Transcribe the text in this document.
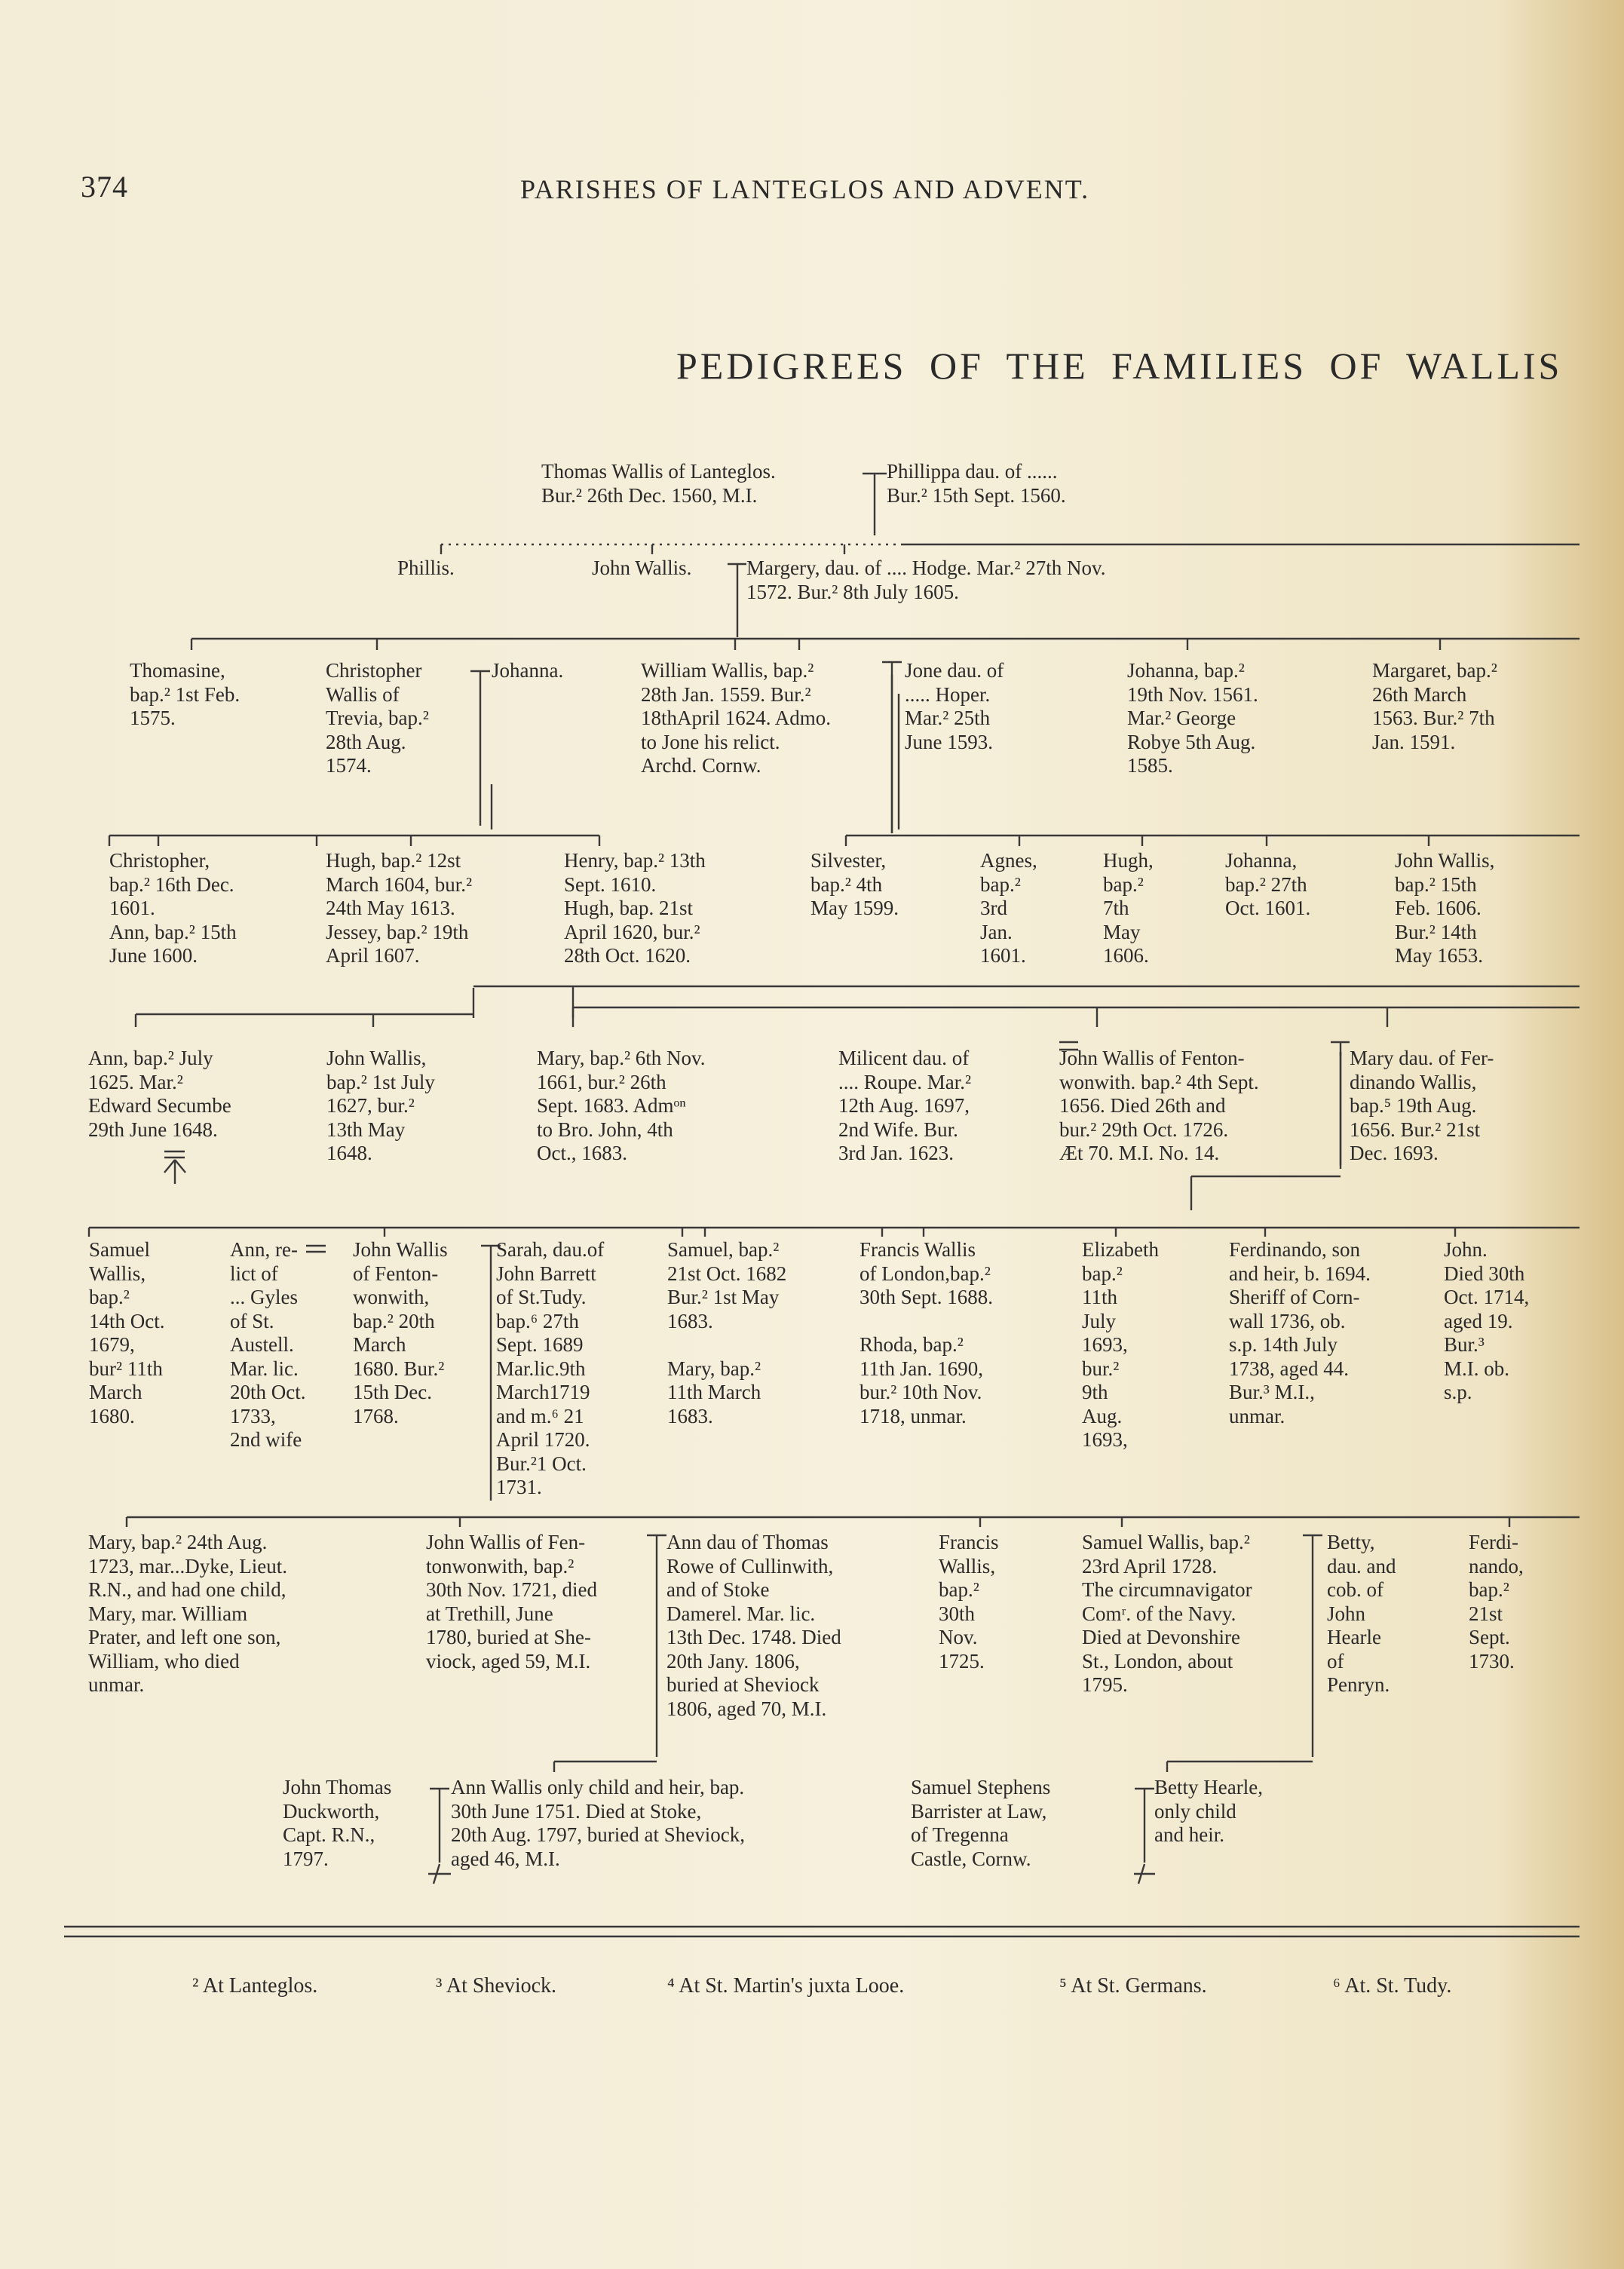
374	PARISHES OF LANTEGLOS AND ADVENT.
PEDIGREES OF THE FAMILIES OF WALLIS
Thomas Wallis of Lanteglos.
Bur.² 26th Dec. 1560, M.I.
Phillippa dau. of ......
Bur.² 15th Sept. 1560.
Phillis.	John Wallis.	Margery, dau. of .... Hodge. Mar.² 27th Nov.
1572. Bur.² 8th July 1605.
Thomasine,
bap.² 1st Feb.
1575.
Christopher
Wallis of
Trevia, bap.²
28th Aug.
1574.
Johanna.	William Wallis, bap.²
28th Jan. 1559. Bur.²
18thApril 1624. Admo.
to Jone his relict.
Archd. Cornw.
Jone dau. of
..... Hoper.
Mar.² 25th
June 1593.
Johanna, bap.²
19th Nov. 1561.
Mar.² George
Robye 5th Aug.
1585.
Margaret, bap.²
26th March
1563. Bur.² 7th
Jan. 1591.
Christopher,
bap.² 16th Dec.
1601.
Ann, bap.² 15th
June 1600.
Hugh, bap.² 12st
March 1604, bur.²
24th May 1613.
Jessey, bap.² 19th
April 1607.
Henry, bap.² 13th
Sept. 1610.
Hugh, bap. 21st
April 1620, bur.²
28th Oct. 1620.
Silvester,
bap.² 4th
May 1599.
Agnes,
bap.²
3rd
Jan.
1601.
Hugh,
bap.²
7th
May
1606.
Johanna,
bap.² 27th
Oct. 1601.
John Wallis,
bap.² 15th
Feb. 1606.
Bur.² 14th
May 1653.
Ann, bap.² July
1625. Mar.²
Edward Secumbe
29th June 1648.
John Wallis,
bap.² 1st July
1627, bur.²
13th May
1648.
Mary, bap.² 6th Nov.
1661, bur.² 26th
Sept. 1683. Admᵒⁿ
to Bro. John, 4th
Oct., 1683.
Milicent dau. of
.... Roupe. Mar.²
12th Aug. 1697,
2nd Wife. Bur.
3rd Jan. 1623.
John Wallis of Fenton-
wonwith. bap.² 4th Sept.
1656. Died 26th and
bur.² 29th Oct. 1726.
Æt 70. M.I. No. 14.
Mary dau. of Fer-
dinando Wallis,
bap.⁵ 19th Aug.
1656. Bur.² 21st
Dec. 1693.
Samuel
Wallis,
bap.²
14th Oct.
1679,
bur² 11th
March
1680.
Ann, re-
lict of
... Gyles
of St.
Austell.
Mar. lic.
20th Oct.
1733,
2nd wife
John Wallis
of Fenton-
wonwith,
bap.² 20th
March
1680. Bur.²
15th Dec.
1768.
Sarah, dau.of
John Barrett
of St.Tudy.
bap.⁶ 27th
Sept. 1689
Mar.lic.9th
March1719
and m.⁶ 21
April 1720.
Bur.²1 Oct.
1731.
Samuel, bap.²
21st Oct. 1682
Bur.² 1st May
1683.

Mary, bap.²
11th March
1683.
Francis Wallis
of London,bap.²
30th Sept. 1688.

Rhoda, bap.²
11th Jan. 1690,
bur.² 10th Nov.
1718, unmar.
Elizabeth
bap.²
11th
July
1693,
bur.²
9th
Aug.
1693,
Ferdinando, son
and heir, b. 1694.
Sheriff of Corn-
wall 1736, ob.
s.p. 14th July
1738, aged 44.
Bur.³ M.I.,
unmar.
John.
Died 30th
Oct. 1714,
aged 19.
Bur.³
M.I. ob.
s.p.
Mary, bap.² 24th Aug.
1723, mar...Dyke, Lieut.
R.N., and had one child,
Mary, mar. William
Prater, and left one son,
William, who died
unmar.
John Wallis of Fen-
tonwonwith, bap.²
30th Nov. 1721, died
at Trethill, June
1780, buried at She-
viock, aged 59, M.I.
Ann dau of Thomas
Rowe of Cullinwith,
and of Stoke
Damerel. Mar. lic.
13th Dec. 1748. Died
20th Jany. 1806,
buried at Sheviock
1806, aged 70, M.I.
Francis
Wallis,
bap.²
30th
Nov.
1725.
Samuel Wallis, bap.²
23rd April 1728.
The circumnavigator
Comʳ. of the Navy.
Died at Devonshire
St., London, about
1795.
Betty,
dau. and
cob. of
John
Hearle
of
Penryn.
Ferdi-
nando,
bap.²
21st
Sept.
1730.
John Thomas
Duckworth,
Capt. R.N.,
1797.
Ann Wallis only child and heir, bap.
30th June 1751. Died at Stoke,
20th Aug. 1797, buried at Sheviock,
aged 46, M.I.
Samuel Stephens
Barrister at Law,
of Tregenna
Castle, Cornw.
Betty Hearle,
only child
and heir.
² At Lanteglos.	³ At Sheviock.	⁴ At St. Martin's juxta Looe.	⁵ At St. Germans.	⁶ At. St. Tudy.
